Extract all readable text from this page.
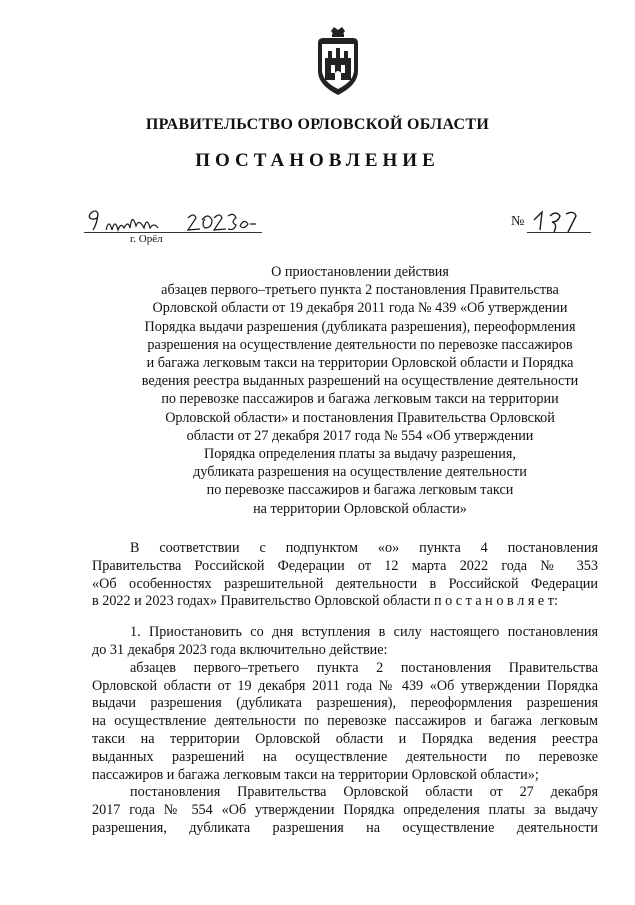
ПРАВИТЕЛЬСТВО ОРЛОВСКОЙ ОБЛАСТИ
ПОСТАНОВЛЕНИЕ
9 марта 2023г.	г. Орёл
№
197
О приостановлении действия
абзацев первого–третьего пункта 2 постановления Правительства
Орловской области от 19 декабря 2011 года № 439 «Об утверждении
Порядка выдачи разрешения (дубликата разрешения), переоформления
разрешения на осуществление деятельности по перевозке пассажиров
и багажа легковым такси на территории Орловской области и Порядка
ведения реестра выданных разрешений на осуществление деятельности
по перевозке пассажиров и багажа легковым такси на территории
Орловской области» и постановления Правительства Орловской
области от 27 декабря 2017 года № 554 «Об утверждении
Порядка определения платы за выдачу разрешения,
дубликата разрешения на осуществление деятельности
по перевозке пассажиров и багажа легковым такси
на территории Орловской области»
В соответствии с подпунктом «о» пункта 4 постановления
Правительства Российской Федерации от 12 марта 2022 года № 353
«Об особенностях разрешительной деятельности в Российской Федерации
в 2022 и 2023 годах» Правительство Орловской области п о с т а н о в л я е т:
1. Приостановить со дня вступления в силу настоящего постановления
до 31 декабря 2023 года включительно действие:
абзацев первого–третьего пункта 2 постановления Правительства
Орловской области от 19 декабря 2011 года № 439 «Об утверждении Порядка
выдачи разрешения (дубликата разрешения), переоформления разрешения
на осуществление деятельности по перевозке пассажиров и багажа легковым
такси на территории Орловской области и Порядка ведения реестра
выданных разрешений на осуществление деятельности по перевозке
пассажиров и багажа легковым такси на территории Орловской области»;
постановления Правительства Орловской области от 27 декабря
2017 года № 554 «Об утверждении Порядка определения платы за выдачу
разрешения, дубликата разрешения на осуществление деятельности
